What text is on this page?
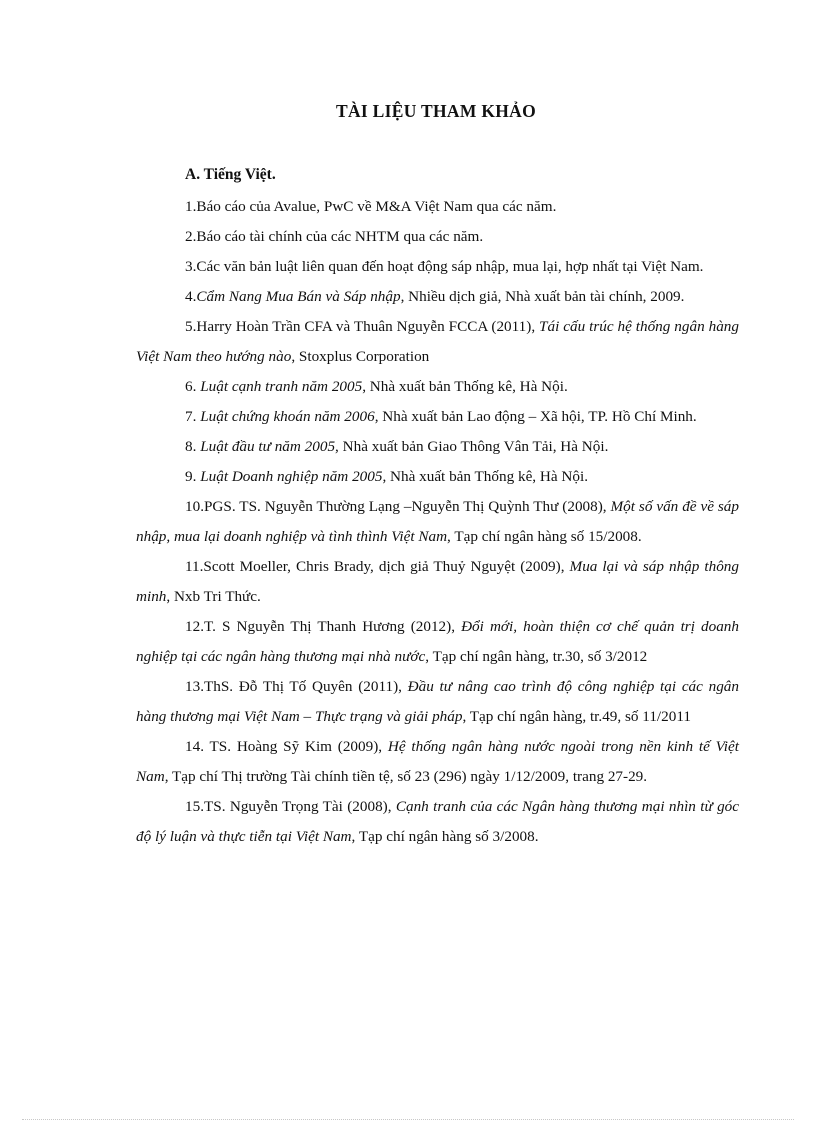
TÀI LIỆU THAM KHẢO
A. Tiếng Việt.

1.Báo cáo của Avalue, PwC về M&A Việt Nam qua các năm.

2.Báo cáo tài chính của các NHTM qua các năm.

3.Các văn bản luật liên quan đến hoạt động sáp nhập, mua lại, hợp nhất tại Việt Nam.

4.Cẩm Nang Mua Bán và Sáp nhập, Nhiều dịch giả, Nhà xuất bản tài chính, 2009.

5.Harry Hoàn Trần CFA và Thuân Nguyễn FCCA (2011), Tái cấu trúc hệ thống ngân hàng Việt Nam theo hướng nào, Stoxplus Corporation

6. Luật cạnh tranh năm 2005, Nhà xuất bản Thống kê, Hà Nội.

7. Luật chứng khoán năm 2006, Nhà xuất bản Lao động – Xã hội, TP. Hồ Chí Minh.

8. Luật đầu tư năm 2005, Nhà xuất bản Giao Thông Vân Tải, Hà Nội.

9. Luật Doanh nghiệp năm 2005, Nhà xuất bản Thống kê, Hà Nội.

10.PGS. TS. Nguyễn Thường Lạng –Nguyễn Thị Quỳnh Thư (2008), Một số vấn đề về sáp nhập, mua lại doanh nghiệp và tình thình Việt Nam, Tạp chí ngân hàng số 15/2008.

11.Scott Moeller, Chris Brady, dịch giả Thuỷ Nguyệt (2009), Mua lại và sáp nhập thông minh, Nxb Tri Thức.

12.T. S Nguyễn Thị Thanh Hương (2012), Đổi mới, hoàn thiện cơ chế quản trị doanh nghiệp tại các ngân hàng thương mại nhà nước, Tạp chí ngân hàng, tr.30, số 3/2012

13.ThS. Đỗ Thị Tố Quyên (2011), Đầu tư nâng cao trình độ công nghiệp tại các ngân hàng thương mại Việt Nam – Thực trạng và giải pháp, Tạp chí ngân hàng, tr.49, số 11/2011

14. TS. Hoàng Sỹ Kim (2009), Hệ thống ngân hàng nước ngoài trong nền kinh tế Việt Nam, Tạp chí Thị trường Tài chính tiền tệ, số 23 (296) ngày 1/12/2009, trang 27-29.

15.TS. Nguyễn Trọng Tài (2008), Cạnh tranh của các Ngân hàng thương mại nhìn từ góc độ lý luận và thực tiễn tại Việt Nam, Tạp chí ngân hàng số 3/2008.
